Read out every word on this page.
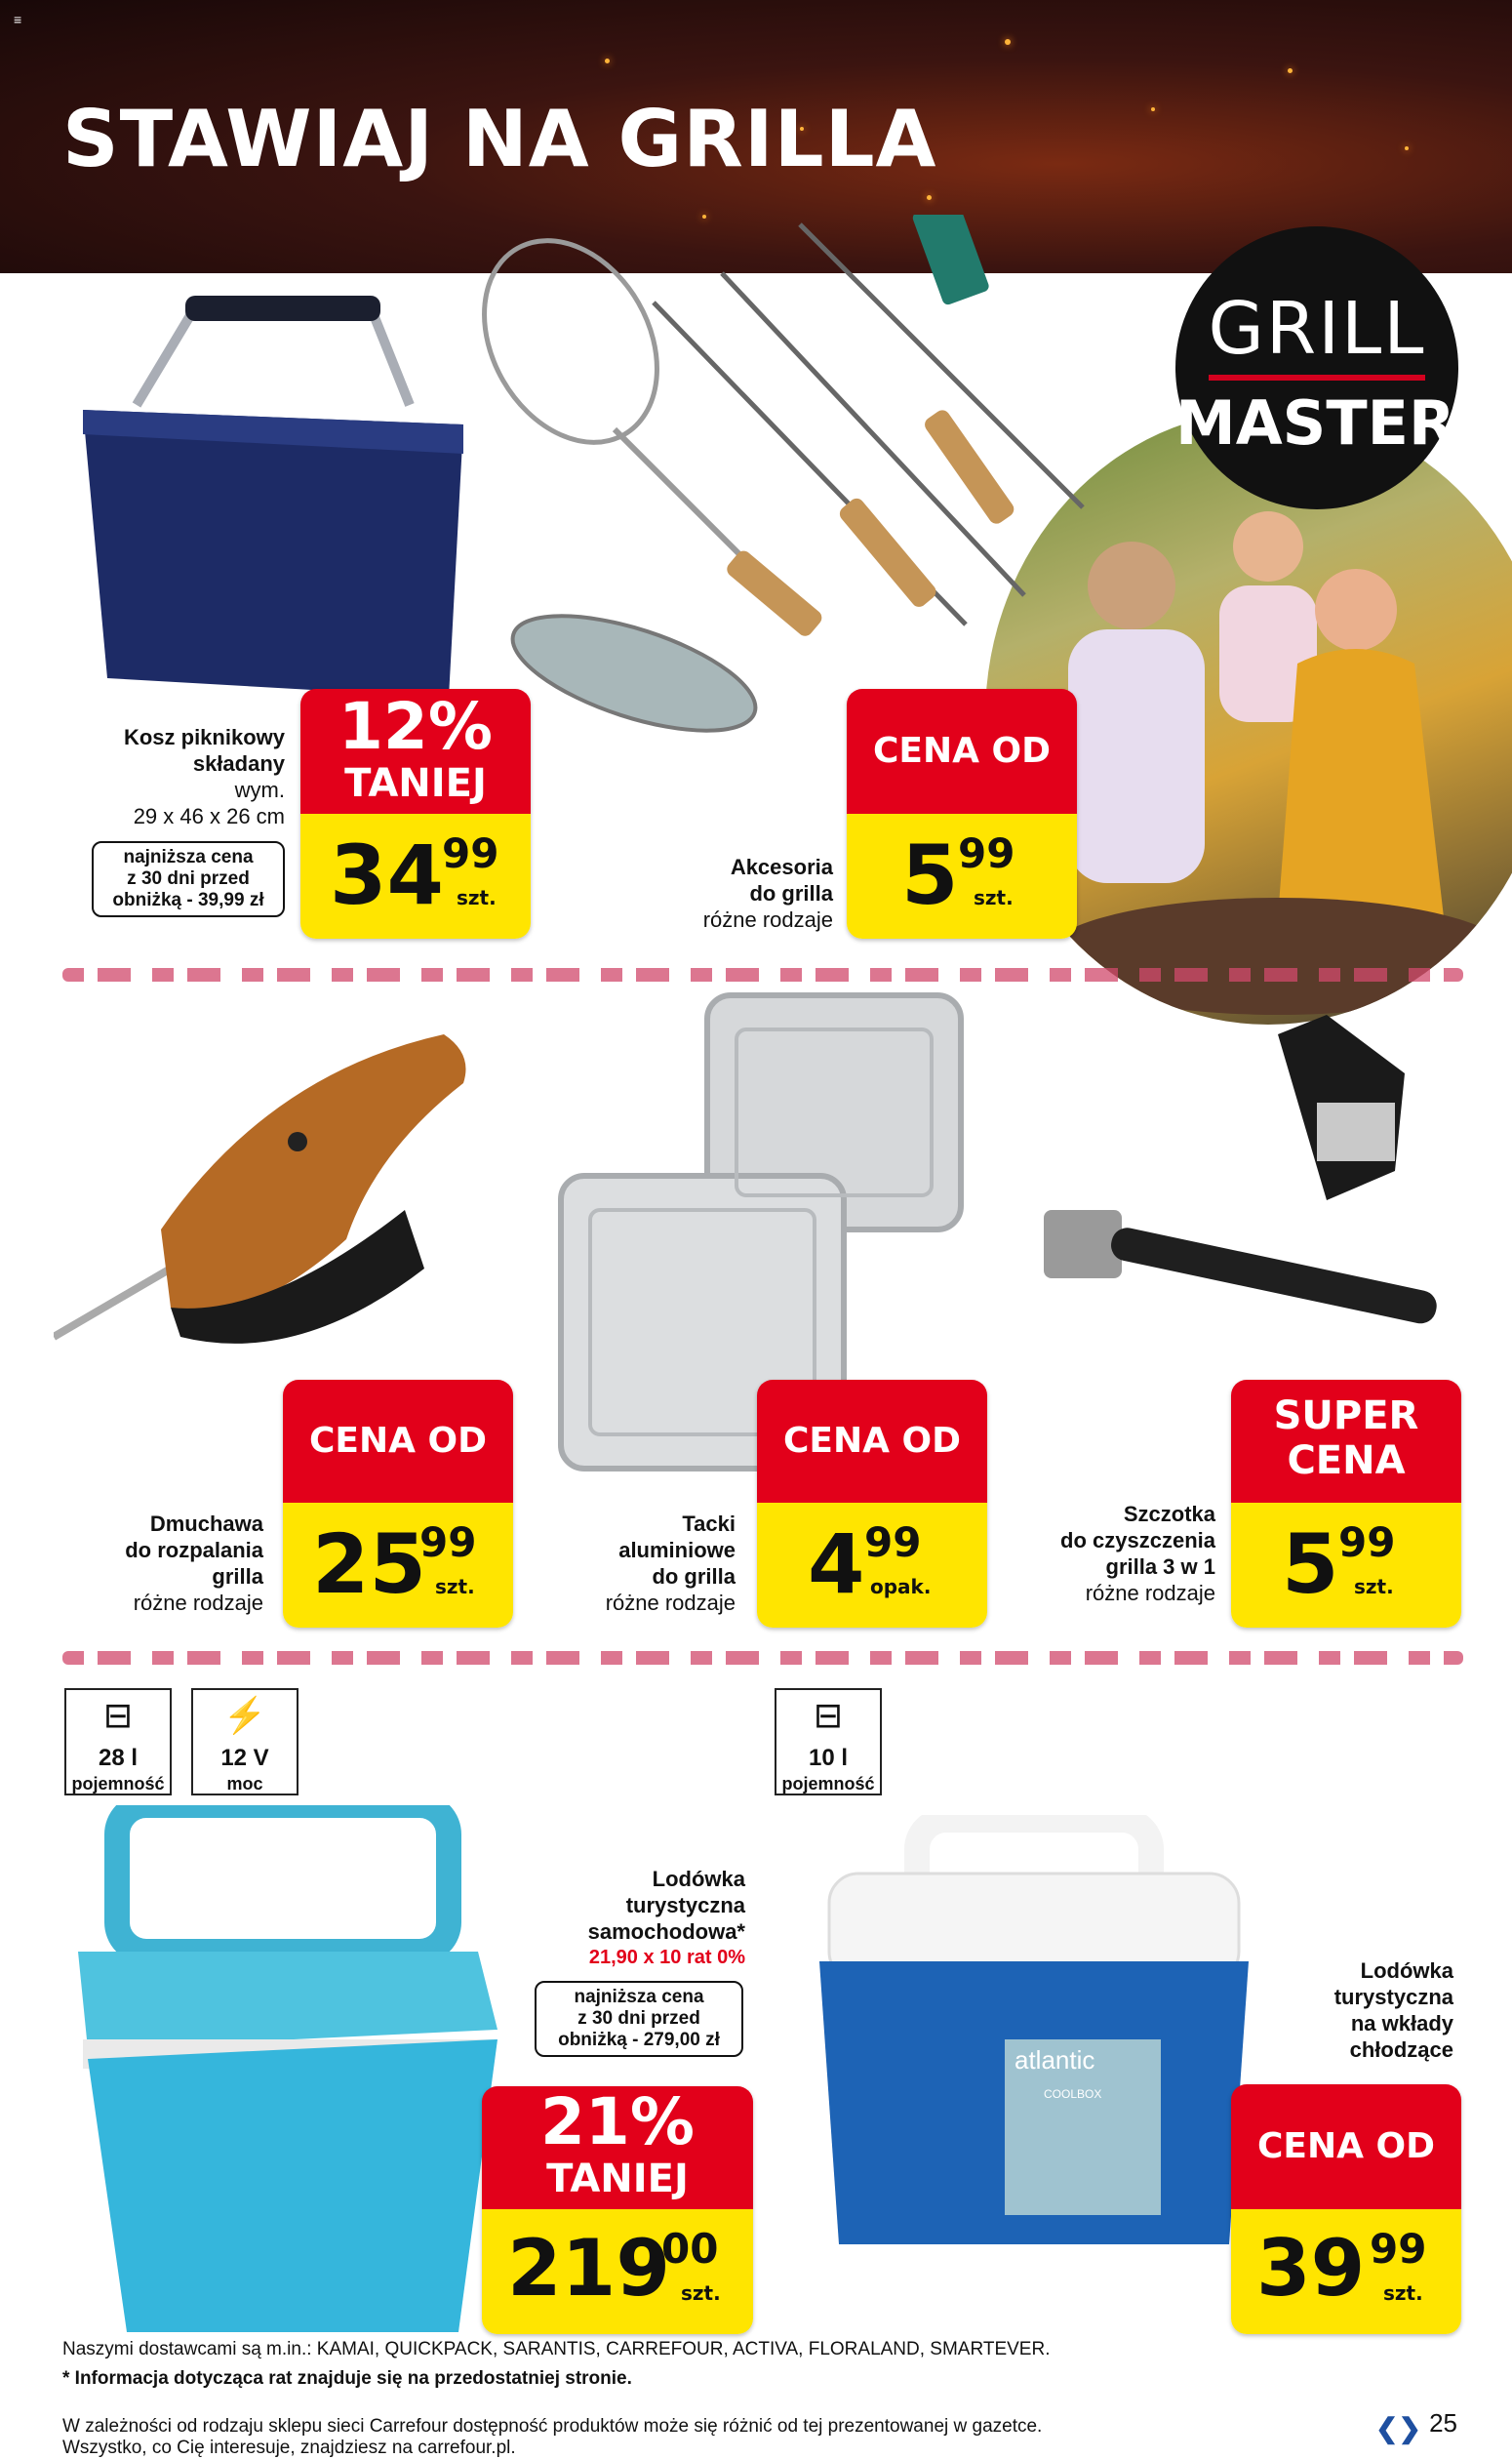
≡
STAWIAJ NA GRILLA
GRILL
MASTERS
Kosz piknikowy
składany
wym.
29 x 46 x 26 cm
najniższa cena
z 30 dni przed
obniżką - 39,99 zł
12%
TANIEJ
34
99
szt.
Akcesoria
do grilla
różne rodzaje
CENA OD
5 99
szt.
Dmuchawa
do rozpalania
grilla
różne rodzaje
CENA OD
25
99
szt.
Tacki
aluminiowe
do grilla
różne rodzaje
CENA OD
4 99
opak.
Szczotka
do czyszczenia
grilla 3 w 1
różne rodzaje
SUPER
CENA
5 99
szt.
⊟
28 l
pojemność
⚡
12 V
moc
⊟
10 l
pojemność
atlantic
COOLBOX
Lodówka
turystyczna
samochodowa*
21,90 x 10 rat 0%
najniższa cena
z 30 dni przed
obniżką - 279,00 zł
21%
TANIEJ
219
00
szt.
Lodówka
turystyczna
na wkłady
chłodzące
CENA OD
39 99
szt.
Naszymi dostawcami są m.in.: KAMAI, QUICKPACK, SARANTIS, CARREFOUR, ACTIVA, FLORALAND, SMARTEVER.
* Informacja dotycząca rat znajduje się na przedostatniej stronie.
W zależności od rodzaju sklepu sieci Carrefour dostępność produktów może się różnić od tej prezentowanej w gazetce.
Wszystko, co Cię interesuje, znajdziesz na carrefour.pl.
❮❯ 25
